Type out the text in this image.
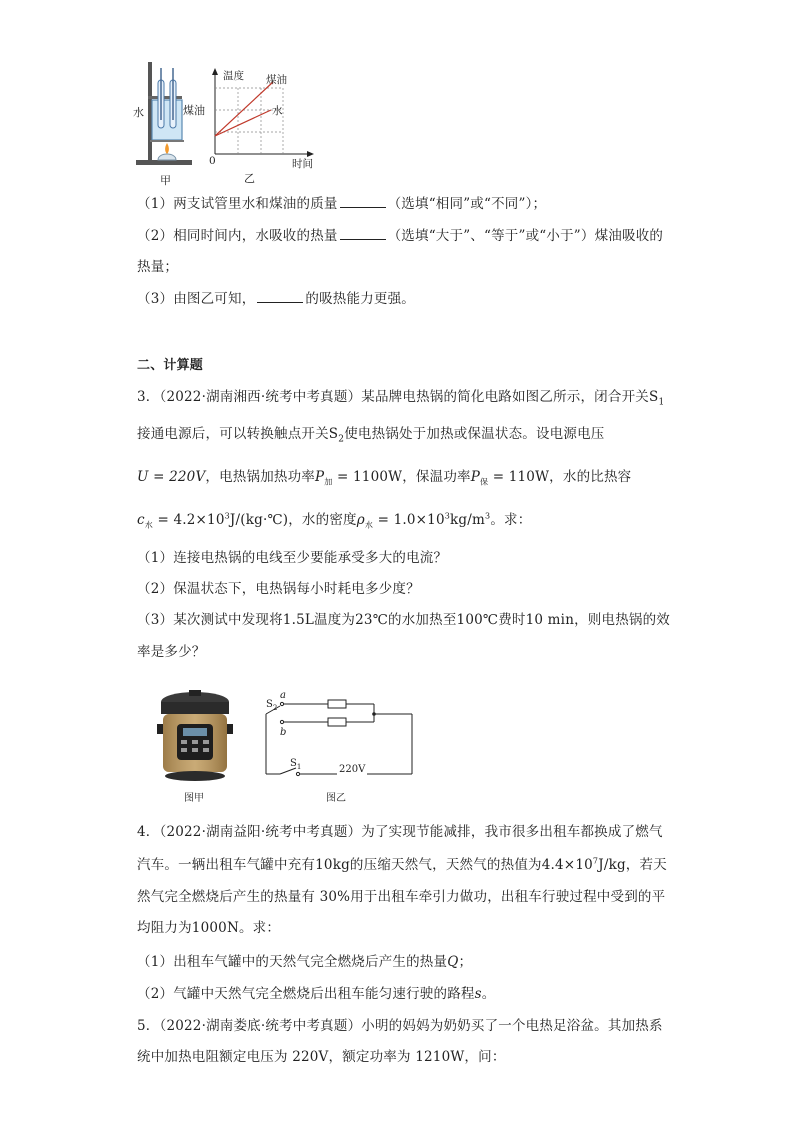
水	煤油
甲
温度 煤油
水
0	时间
乙
（1）两支试管里水和煤油的质量	（选填“相同”或“不同”）；
（2）相同时间内，水吸收的热量	（选填“大于”、“等于”或“小于”）煤油吸收的
热量；
（3）由图乙可知，	的吸热能力更强。
二、计算题
3．（2022·湖南湘西·统考中考真题）某品牌电热锅的简化电路如图乙所示，闭合开关$S_1$
接通电源后，可以转换触点开关$S_2$使电热锅处于加热或保温状态。设电源电压
U = 220V，电热锅加热功率$P_加 = 1100W$，保温功率$P_保 = 110W$，水的比热容
$c_水$ = $4.2\times 10^3J/(kg\cdot℃)$，水的密度$\rho_水 = 1.0\times 10^3kg/m^3$。求：
（1）连接电热锅的电线至少要能承受多大的电流？
（2）保温状态下，电热锅每小时耗电多少度？
（3）某次测试中发现将1.5L温度为23℃的水加热至100℃费时10 min，则电热锅的效
率是多少？
图甲
a
$S_2$
b
$S_1$	220V
图乙
4．（2022·湖南益阳·统考中考真题）为了实现节能减排，我市很多出租车都换成了燃气
汽车。一辆出租车气罐中充有10kg的压缩天然气，天然气的热值为$4.4\times 10^7J/kg$，若天
然气完全燃烧后产生的热量有 30%用于出租车牵引力做功，出租车行驶过程中受到的平
均阻力为1000N。求：
（1）出租车气罐中的天然气完全燃烧后产生的热量Q；
（2）气罐中天然气完全燃烧后出租车能匀速行驶的路程s。
5．（2022·湖南娄底·统考中考真题）小明的妈妈为奶奶买了一个电热足浴盆。其加热系
统中加热电阻额定电压为 220V，额定功率为 1210W，问：
